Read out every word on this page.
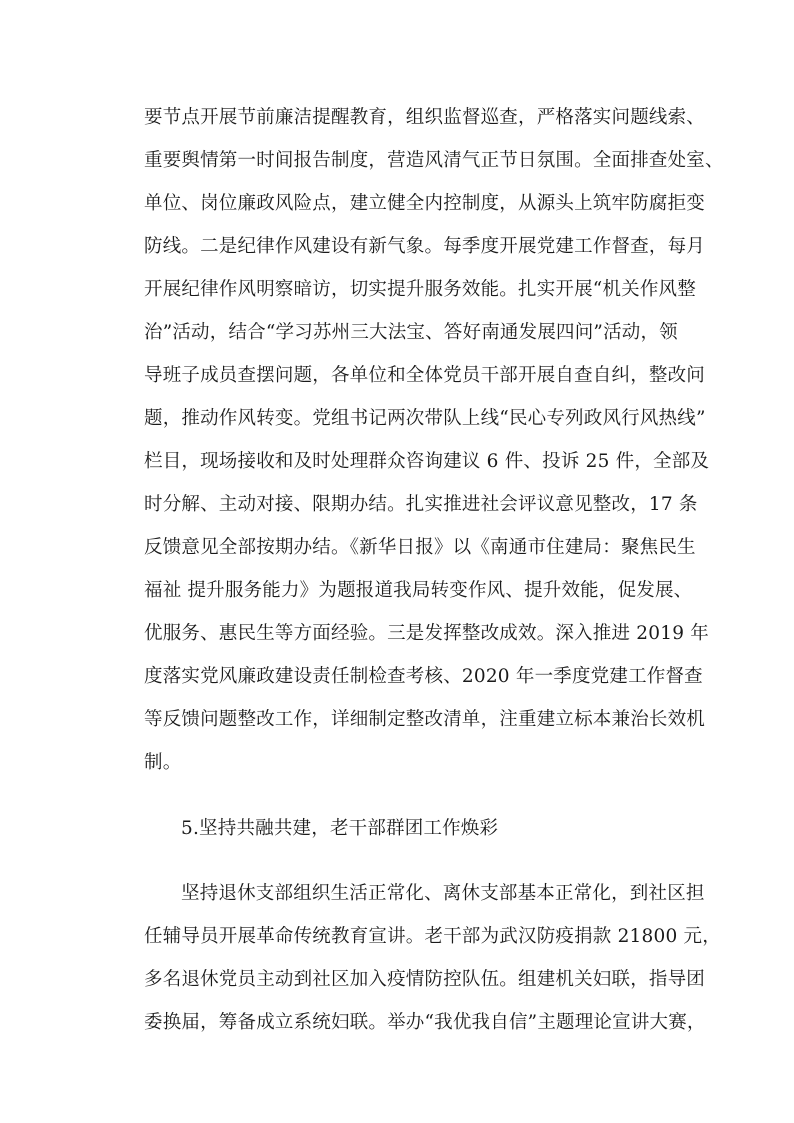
要节点开展节前廉洁提醒教育，组织监督巡查，严格落实问题线索、
重要舆情第一时间报告制度，营造风清气正节日氛围。全面排查处室、
单位、岗位廉政风险点，建立健全内控制度，从源头上筑牢防腐拒变
防线。二是纪律作风建设有新气象。每季度开展党建工作督查，每月
开展纪律作风明察暗访，切实提升服务效能。扎实开展“机关作风整
治”活动，结合“学习苏州三大法宝、答好南通发展四问”活动，领
导班子成员查摆问题，各单位和全体党员干部开展自查自纠，整改问
题，推动作风转变。党组书记两次带队上线“民心专列政风行风热线”
栏目，现场接收和及时处理群众咨询建议 6 件、投诉 25 件，全部及
时分解、主动对接、限期办结。扎实推进社会评议意见整改，17 条
反馈意见全部按期办结。《新华日报》以《南通市住建局：聚焦民生
福祉 提升服务能力》为题报道我局转变作风、提升效能，促发展、
优服务、惠民生等方面经验。三是发挥整改成效。深入推进 2019 年
度落实党风廉政建设责任制检查考核、2020 年一季度党建工作督查
等反馈问题整改工作，详细制定整改清单，注重建立标本兼治长效机
制。
5.坚持共融共建，老干部群团工作焕彩
坚持退休支部组织生活正常化、离休支部基本正常化，到社区担
任辅导员开展革命传统教育宣讲。老干部为武汉防疫捐款 21800 元，
多名退休党员主动到社区加入疫情防控队伍。组建机关妇联，指导团
委换届，筹备成立系统妇联。举办“我优我自信”主题理论宣讲大赛，
